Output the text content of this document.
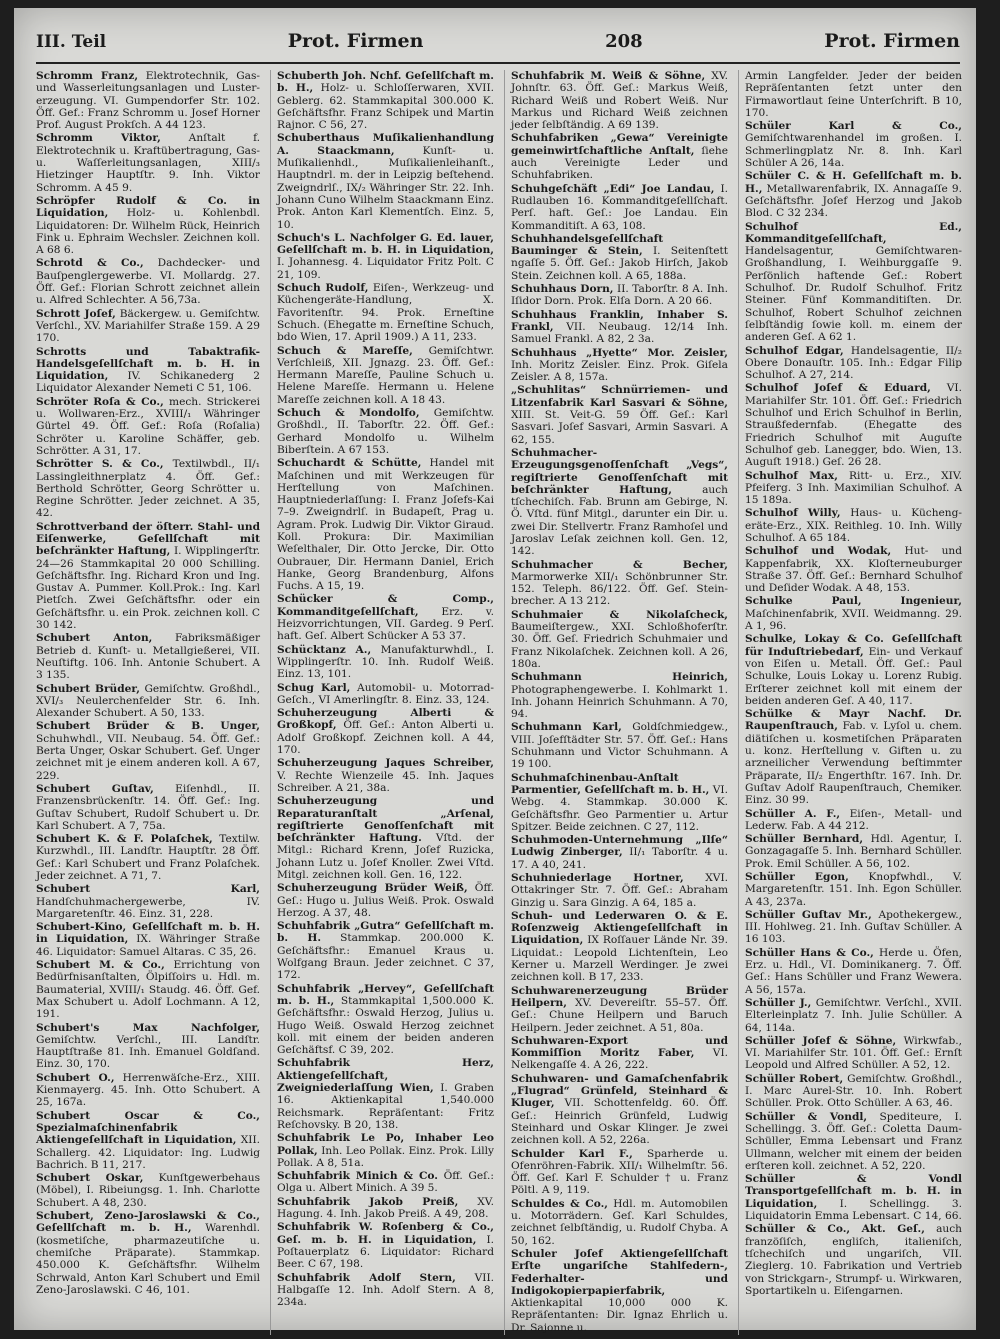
III. Teil	Prot. Firmen	208	Prot. Firmen

Schromm Franz, Elektrotechnik, Gas- und Wasserleitungsanlagen und Lustererzeugung. VI. Gumpendorfer Str. 102. Öff. Gef.: Franz Schromm u. Josef Horner Prof. August Prokſch. A 44 123.

Schromm Viktor,	Anſtalt f. Elektrotechnik u. Kraftübertragung, Gas- u. Waſſerleitungsanlagen, XIII/₃ Hietzinger Hauptſtr. 9. Inh. Viktor Schromm. A 45 9.

Schröpfer Rudolf & Co. in Liquidation, Holz- u. Kohlenbdl. Liquidatoren: Dr. Wilhelm Rück, Heinrich Fink u. Ephraim Wechsler. Zeichnen koll. A 68 6.

Schrotd & Co., Dachdecker- und Bauſpenglergewerbe. VI. Mollardg. 27. Öff. Gef.: Florian Schrott zeichnet allein u. Alfred Schlechter. A 56,73a.

Schrott Joſef, Bäckergew. u. Gemiſchtw. Verſchl., XV. Mariahilfer Straße 159. A 29 170.

Schrotts und Tabaktrafik-Handelsgeſellſchaft m. b. H. in Liquidation, IV. Schikanederg 2 Liquidator Alexander Nemeti C 51, 106.

Schröter Roſa & Co., mech. Strickerei u. Wollwaren-Erz., XVIII/₁ Währinger Gürtel 49. Öff. Gef.: Roſa (Roſalia) Schröter u. Karoline Schäffer, geb. Schrötter. A 31, 17.

Schrötter S. & Co., Textilwbdl., II/₁ Lassingleithnerplatz 4. Öff. Gef.: Berthold Schrötter, Georg Schrötter u. Regine Schrötter. Jeder zeichnet. A 35, 42.

Schrottverband der öſterr. Stahl- und Eiſenwerke, Geſellſchaft mit beſchränkter Haftung, I. Wipplingerſtr. 24—26 Stammkapital 20 000 Schilling. Geſchäftsfhr. Ing. Richard Kron und Ing. Gustav A. Pummer. Koll.Prok.: Ing. Karl Pietſch. Zwei Geſchäftsfhr. oder ein Geſchäftsfhr. u. ein Prok. zeichnen koll. C 30 142.

Schubert Anton, Fabriksmäßiger Betrieb d. Kunſt- u. Metallgießerei, VII. Neuſtiftg. 106. Inh. Antonie Schubert. A 3 135.

Schubert Brüder, Gemiſchtw. Großhdl., XVI/₃ Neulerchenfelder Str. 6. Inh. Alexander Schubert. A 50, 133.

Schubert Brüder & B. Unger, Schuhwhdl., VII. Neubaug. 54. Öff. Gef.: Berta Unger, Oskar Schubert. Gef. Unger zeichnet mit je einem anderen koll. A 67, 229.

Schubert Guſtav, Eiſenhdl., II. Franzensbrückenſtr. 14. Öff. Gef.: Ing. Guſtav Schubert, Rudolf Schubert u. Dr. Karl Schubert. A 7, 75a.

Schubert K. & F. Polaſchek, Textilw. Kurzwhdl., III. Landſtr. Hauptſtr. 28 Öff. Gef.: Karl Schubert und Franz Polaſchek. Jeder zeichnet. A 71, 7.

Schubert Karl, Handſchuhmachergewerbe, IV. Margaretenſtr. 46. Einz. 31, 228.

Schubert-Kino, Geſellſchaft m. b. H. in Liquidation, IX. Währinger Straße 46. Liquidator: Samuel Altaras. C 35, 26.

Schubert M. & Co., Errichtung von Bedürfnisanſtalten, Ölpiſſoirs u. Hdl. m. Baumaterial, XVIII/₁ Staudg. 46. Öff. Gef. Max Schubert u. Adolf Lochmann. A 12, 191.

Schubert's Max Nachfolger, Gemiſchtw. Verſchl., III. Landſtr. Hauptſtraße 81. Inh. Emanuel Goldſand. Einz. 30, 170.

Schubert O., Herrenwäſche-Erz., XIII. Kienmayerg. 45. Inh. Otto Schubert. A 25, 167a.

Schubert Oscar & Co., Spezialmaſchinenfabrik Aktiengeſellſchaft in Liquidation, XII. Schallerg. 42. Liquidator: Ing. Ludwig Bachrich. B 11, 217.

Schubert Oskar, Kunſtgewerbehaus (Möbel), I. Ribeiungsg. 1. Inh. Charlotte Schubert. A 48, 230.

Schubert, Zeno-Jaroslawski & Co., Geſellſchaft m. b. H., Warenhdl. (kosmetiſche, pharmazeutiſche u. chemiſche Präparate). Stammkap. 450.000 K. Geſchäftsfhr. Wilhelm Schrwald, Anton Karl Schubert und Emil Zeno-Jaroslawski. C 46, 101.

Schuberth Joh. Nchf. Geſellſchaft m. b. H., Holz- u. Schloſſerwaren, XVII. Geblerg. 62. Stammkapital 300.000 K. Geſchäftsfhr. Franz Schipek und Martin Rajnor. C 56, 27.

Schuberthaus Muſikalienhandlung A. Staackmann,	Kunſt- u. Muſikalienhdl., Muſikalienleihanſt., Hauptndrl. m. der in Leipzig beſtehend. Zweigndrlſ., IX/₂ Währinger Str. 22. Inh. Johann Cuno Wilhelm Staackmann Einz. Prok. Anton Karl Klementſch. Einz. 5, 10.

Schuch's L. Nachfolger G. Ed. lauer, Geſellſchaft m. b. H. in Liquidation, I. Johannesg. 4. Liquidator Fritz Polt. C 21, 109.

Schuch Rudolf, Eiſen-, Werkzeug- und Küchengeräte-Handlung, X. Favoritenſtr. 94. Prok. Erneſtine Schuch. (Ehegatte m. Erneſtine Schuch, bdo Wien, 17. April 1909.) A 11, 233.

Schuch & Mareſſe, Gemiſchtwr. Verſchleiß, XII. Jgnazg. 23. Öff. Gef.: Hermann Mareſſe, Pauline Schuch u. Helene Mareſſe. Hermann u. Helene Mareſſe zeichnen koll. A 18 43.

Schuch & Mondolfo, Gemiſchtw. Großhdl., II. Taborſtr. 22. Öff. Gef.: Gerhard Mondolfo u. Wilhelm Biberſtein. A 67 153.

Schuchardt & Schütte, Handel mit Maſchinen und mit Werkzeugen für Herſtellung von Maſchinen. Hauptniederlaſſung: I. Franz Joſefs-Kai 7–9. Zweigndrlſ. in Budapeſt, Prag u. Agram. Prok. Ludwig Dir. Viktor Giraud. Koll. Prokura: Dir. Maximilian Weſelthaler, Dir. Otto Jercke, Dir. Otto Oubrauer, Dir. Hermann Daniel, Erich Hanke, Georg Brandenburg, Alfons Fuchs. A 15, 19.

Schücker & Comp., Kommanditgeſellſchaft, Erz. v. Heizvorrichtungen, VII. Gardeg. 9 Perſ. haft. Geſ. Albert Schücker A 53 37.

Schücktanz A., Manufakturwhdl., I. Wipplingerſtr. 10. Inh. Rudolf Weiß. Einz. 13, 101.

Schug Karl, Automobil- u. Motorrad-Geſch., VI Amerlingſtr. 8. Einz. 33, 124.

Schuherzeugung Alberti & Großkopf, Öff. Geſ.: Anton Alberti u. Adolf Großkopf. Zeichnen koll. A 44, 170.

Schuherzeugung Jaques Schreiber, V. Rechte Wienzeile 45. Inh. Jaques Schreiber. A 21, 38a.

Schuherzeugung und Reparaturanſtalt „Arſenal, regiſtrierte Genoſſenſchaft mit beſchränkter Haftung. Vſtd. der Mitgl.: Richard Krenn, Joſef Ruzicka, Johann Lutz u. Joſef Knoller. Zwei Vſtd. Mitgl. zeichnen koll. Gen. 16, 122.

Schuherzeugung Brüder Weiß, Öff. Geſ.: Hugo u. Julius Weiß. Prok. Oswald Herzog. A 37, 48.

Schuhfabrik „Gutra“ Geſellſchaft m. b. H. Stammkap. 200.000 K. Geſchäftsfhr.: Emanuel Kraus u. Wolfgang Braun. Jeder zeichnet. C 37, 172.

Schuhfabrik „Hervey“, Geſellſchaft m. b. H., Stammkapital 1,500.000 K. Geſchäftsfhr.: Oswald Herzog, Julius u. Hugo Weiß. Oswald Herzog zeichnet koll. mit einem der beiden anderen Geſchäftsf. C 39, 202.

Schuhfabrik Herz, Aktiengeſellſchaft, Zweigniederlaſſung Wien, I. Graben 16. Aktienkapital 1,540.000 Reichsmark. Repräſentant: Fritz Reſchovsky. B 20, 138.

Schuhfabrik Le Po, Inhaber Leo Pollak, Inh. Leo Pollak. Einz. Prok. Lilly Pollak. A 8, 51a.

Schuhfabrik Minich & Co. Öff. Geſ.: Olga u. Albert Minich. A 39 5.

Schuhfabrik Jakob Preiß, XV. Hagung. 4. Inh. Jakob Preiß. A 49, 208.

Schuhfabrik W. Roſenberg & Co., Geſ. m. b. H. in Liquidation, I. Poſtauerplatz 6. Liquidator: Richard Beer. C 67, 198.

Schuhfabrik Adolf Stern, VII. Halbgaſſe 12. Inh. Adolf Stern. A 8, 234a.

Schuhfabrik M. Weiß & Söhne, XV. Johnſtr. 63. Öff. Geſ.: Markus Weiß, Richard Weiß und Robert Weiß. Nur Markus und Richard Weiß zeichnen jeder ſelbſtändig. A 69 139.

Schuhfabriken „Gewa“ Vereinigte gemeinwirtſchaftliche Anſtalt, ſiehe auch Vereinigte Leder und Schuhfabriken.

Schuhgeſchäft „Edi“ Joe Landau, I. Rudlauben 16. Kommanditgeſellſchaft. Perſ. haft. Geſ.: Joe Landau. Ein Kommanditiſt. A 63, 108.

Schuhhandelsgeſellſchaft Bauminger & Stein, I. Seitenſtett ngaſſe 5. Öff. Geſ.: Jakob Hirſch, Jakob Stein. Zeichnen koll. A 65, 188a.

Schuhhaus Dorn, II. Taborſtr. 8 A. Inh. Iſidor Dorn. Prok. Elſa Dorn. A 20 66.

Schuhhaus Franklin, Inhaber S. Frankl, VII. Neubaug. 12/14 Inh. Samuel Frankl. A 82, 2 3a.

Schuhhaus „Hyette“ Mor. Zeisler, Inh. Moritz Zeisler. Einz. Prok. Giſela Zeisler. A 8, 157a.

„Schuhlitas“ Schnürriemen- und Litzenfabrik Karl Sasvari & Söhne, XIII. St. Veit-G. 59 Öff. Geſ.: Karl Sasvari. Joſef Sasvari, Armin Sasvari. A 62, 155.

Schuhmacher-Erzeugungsgenoſſenſchaft „Vegs“, regiſtrierte Genoſſenſchaft mit beſchränkter Haftung,	auch tſchechiſch. Fab. Brunn am Gebirge, N. Ö. Vſtd. fünf Mitgl., darunter ein Dir. u. zwei Dir. Stellvertr. Franz Ramhoſel und Jaroslav Leſak zeichnen koll. Gen. 12, 142.

Schuhmacher & Becher, Marmorwerke XII/₁ Schönbrunner Str. 152. Teleph. 86/122. Öff. Geſ. Steinbrecher. A 13 212.

Schuhmaier & Nikolaſcheck, Baumeiſtergew., XXI. Schloßhoferſtr. 30. Öff. Geſ. Friedrich Schuhmaier und Franz Nikolaſchek. Zeichnen koll. A 26, 180a.

Schuhmann Heinrich, Photographengewerbe. I. Kohlmarkt 1. Inh. Johann Heinrich Schuhmann. A 70, 94.

Schuhmann Karl, Goldſchmiedgew., VIII. Joſefſtädter Str. 57. Öff. Geſ.: Hans Schuhmann und Victor Schuhmann. A 19 100.

Schuhmaſchinenbau-Anſtalt Parmentier, Geſellſchaft m. b. H., VI. Webg. 4. Stammkap. 30.000 K. Geſchäftsfhr. Geo Parmentier u. Artur Spitzer. Beide zeichnen. C 27, 112.

Schuhmoden-Unternehmung „Ilſe“ Ludwig Zinberger, II/₁ Taborſtr. 4 u. 17. A 40, 241.

Schuhniederlage Hortner, XVI. Ottakringer Str. 7. Öff. Geſ.: Abraham Ginzig u. Sara Ginzig. A 64, 185 a.

Schuh- und Lederwaren O. & E. Roſenzweig Aktiengeſellſchaft in Liquidation, IX Roſſauer Lände Nr. 39. Liquidat.: Leopold Lichtenſtein, Leo Kerner u. Marzell Werdinger. Je zwei zeichnen koll. B 17, 233.

Schuhwarenerzeugung Brüder Heilpern, XV. Devereiſtr. 55–57. Öff. Geſ.: Chune Heilpern und Baruch Heilpern. Jeder zeichnet. A 51, 80a.

Schuhwaren-Export und Kommiſſion Moritz Faber, VI. Nelkengaſſe 4. A 26, 222.

Schuhwaren- und Gamaſchenfabrik „Flugrad“ Grünfeld, Steinhard & Kluger, VII. Schottenfeldg. 60. Öff. Geſ.: Heinrich Grünfeld, Ludwig Steinhard und Oskar Klinger. Je zwei zeichnen koll. A 52, 226a.

Schulder Karl F., Sparherde u. Ofenröhren-Fabrik. XII/₁ Wilhelmſtr. 56. Öff. Geſ. Karl F. Schulder † u. Franz Pöltl. A 9, 119.

Schuldes & Co., Hdl. m. Automobilen u. Motorrädern. Geſ. Karl Schuldes, zeichnet ſelbſtändig, u. Rudolf Chyba. A 50, 162.

Schuler Joſef Aktiengeſellſchaft Erſte ungariſche Stahlfedern-, Federhalter- und Indigokopierpapierfabrik, Aktienkapital 10,000 000 K. Repräſentanten: Dir. Ignaz Ehrlich u. Dr. Sajonne u.

Armin Langfelder. Jeder der beiden Repräſentanten ſetzt unter den Firmawortlaut ſeine Unterſchrift. B 10, 170.

Schüler Karl & Co., Gemiſchtwarenhandel im großen. I. Schmerlingplatz Nr. 8. Inh. Karl Schüler A 26, 14a.

Schüler C. & H. Geſellſchaft m. b. H., Metallwarenfabrik, IX. Annagaſſe 9. Geſchäftsfhr. Joſef Herzog und Jakob Blod. C 32 234.

Schulhof Ed., Kommanditgeſellſchaft, Handelsagentur, Gemiſchtwaren-Großhandlung, I. Weihburggaſſe 9. Perſönlich haftende Geſ.: Robert Schulhof. Dr. Rudolf Schulhof. Fritz Steiner. Fünf Kommanditiſten. Dr. Schulhof, Robert Schulhof zeichnen ſelbſtändig ſowie koll. m. einem der anderen Geſ. A 62 1.

Schulhof Edgar, Handelsagentie, II/₂ Obere Donauſtr. 105. Inh.: Edgar Filip Schulhof. A 27, 214.

Schulhof Joſef & Eduard, VI. Mariahilfer Str. 101. Öff. Geſ.: Friedrich Schulhof und Erich Schulhof in Berlin, Straußfedernfab. (Ehegatte des Friedrich Schulhof mit Auguſte Schulhof geb. Lanegger, bdo. Wien, 13. Auguſt 1918.) Geſ. 26 28.

Schulhof Max, Ritt- u. Erz., XIV. Pfeiferg. 3 Inh. Maximilian Schulhof. A 15 189a.

Schulhof Willy, Haus- u. Küchengeräte-Erz., XIX. Reithleg. 10. Inh. Willy Schulhof. A 65 184.

Schulhof und Wodak, Hut- und Kappenfabrik, XX. Kloſterneuburger Straße 37. Öff. Geſ.: Bernhard Schulhof und Deſider Wodak. A 48, 153.

Schulke Paul, Ingenieur, Maſchinenfabrik, XVII. Weidmanng. 29. A 1, 96.

Schulke, Lokay & Co. Geſellſchaft für Induſtriebedarf, Ein- und Verkauf von Eiſen u. Metall. Öff. Geſ.: Paul Schulke, Louis Lokay u. Lorenz Rubig. Erſterer zeichnet koll mit einem der beiden anderen Geſ. A 40, 117.

Schülke & Mayr Nachf. Dr. Raupenſtrauch, Fab. v. Lyſol u. chem. diätiſchen u. kosmetiſchen Präparaten u. konz. Herſtellung v. Giften u. zu arzneilicher Verwendung beſtimmter Präparate, II/₂ Engerthſtr. 167. Inh. Dr. Guſtav Adolf Raupenſtrauch, Chemiker. Einz. 30 99.

Schüller A. F., Eiſen-, Metall- und Lederw. Fab. A 44 212.

Schüller Bernhard, Hdl. Agentur, I. Gonzagagaſſe 5. Inh. Bernhard Schüller. Prok. Emil Schüller. A 56, 102.

Schüller Egon, Knopfwhdl., V. Margaretenſtr. 151. Inh. Egon Schüller. A 43, 237a.

Schüller Guſtav Mr., Apothekergew., III. Hohlweg. 21. Inh. Guſtav Schüller. A 16 103.

Schüller Hans & Co., Herde u. Öfen, Erz. u. Hdl., VI. Dominikanerg. 7. Öff. Geſ.: Hans Schüller und Franz Wewera. A 56, 157a.

Schüller J., Gemiſchtwr. Verſchl., XVII. Elterleinplatz 7. Inh. Julie Schüller. A 64, 114a.

Schüller Joſef & Söhne, Wirkwfab., VI. Mariahilfer Str. 101. Öff. Geſ.: Ernſt Leopold und Alfred Schüller. A 52, 12.

Schüller Robert, Gemiſchtw. Großhdl., I. Marc Aurel-Str. 10. Inh. Robert Schüller. Prok. Otto Schüller. A 63, 46.

Schüller & Vondl, Spediteure, I. Schellingg. 3. Öff. Geſ.: Coletta Daum-Schüller, Emma Lebensart und Franz Ullmann, welcher mit einem der beiden erſteren koll. zeichnet. A 52, 220.

Schüller & Vondl Transportgeſellſchaft m. b. H. in Liquidation, I. Schellingg. 3. Liquidatorin Emma Lebensart. C 14, 66.

Schüller & Co., Akt. Geſ., auch franzöſiſch, engliſch, italieniſch, tſchechiſch und ungariſch, VII. Zieglerg. 10. Fabrikation und Vertrieb von Strickgarn-, Strumpf- u. Wirkwaren, Sportartikeln u. Eiſengarnen.
